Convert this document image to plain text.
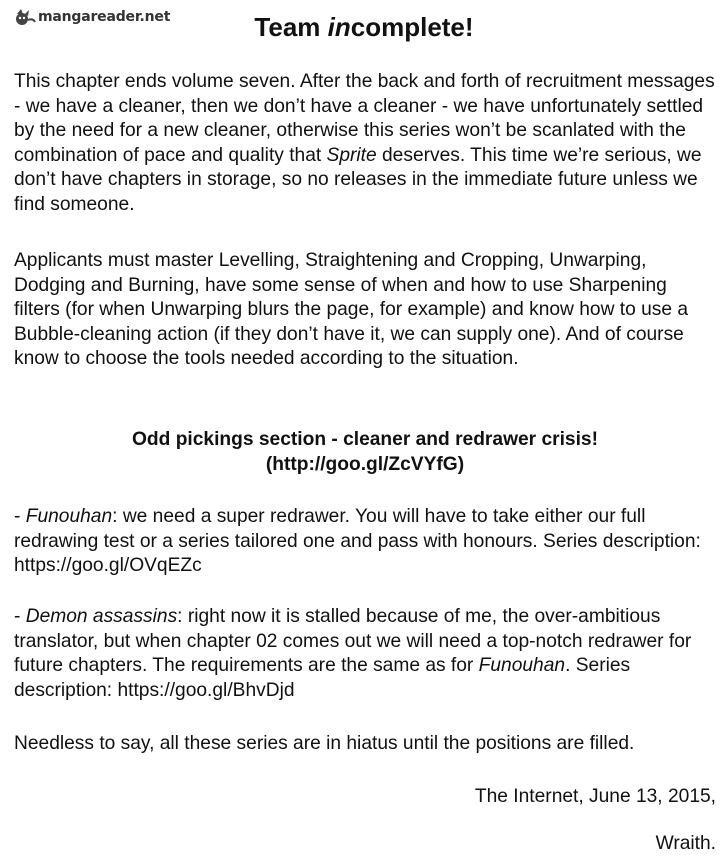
mangareader.net	Team incomplete!

This chapter ends volume seven. After the back and forth of recruitment messages - we have a cleaner, then we don’t have a cleaner - we have unfortunately settled by the need for a new cleaner, otherwise this series won’t be scanlated with the combination of pace and quality that Sprite deserves. This time we’re serious, we don’t have chapters in storage, so no releases in the immediate future unless we find someone.

Applicants must master Levelling, Straightening and Cropping, Unwarping, Dodging and Burning, have some sense of when and how to use Sharpening filters (for when Unwarping blurs the page, for example) and know how to use a Bubble-cleaning action (if they don’t have it, we can supply one). And of course know to choose the tools needed according to the situation.

Odd pickings section - cleaner and redrawer crisis!
(http://goo.gl/ZcVYfG)

- Funouhan: we need a super redrawer. You will have to take either our full redrawing test or a series tailored one and pass with honours. Series description: https://goo.gl/OVqEZc

- Demon assassins: right now it is stalled because of me, the over-ambitious translator, but when chapter 02 comes out we will need a top-notch redrawer for future chapters. The requirements are the same as for Funouhan. Series description: https://goo.gl/BhvDjd

Needless to say, all these series are in hiatus until the positions are filled.

The Internet, June 13, 2015,

Wraith.
